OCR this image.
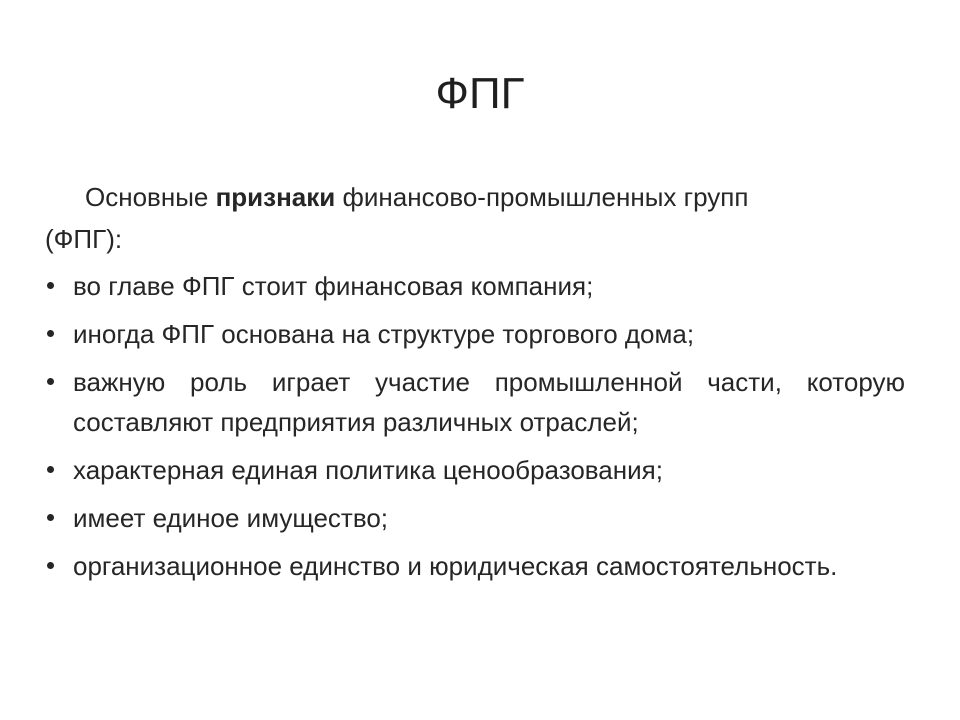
ФПГ

Основные признаки финансово-промышленных групп (ФПГ):

во главе ФПГ стоит финансовая компания;
иногда ФПГ основана на структуре торгового дома;
важную роль играет участие промышленной части, которую составляют предприятия различных отраслей;
характерная единая политика ценообразования;
имеет единое имущество;
организационное единство и юридическая самостоятельность.
